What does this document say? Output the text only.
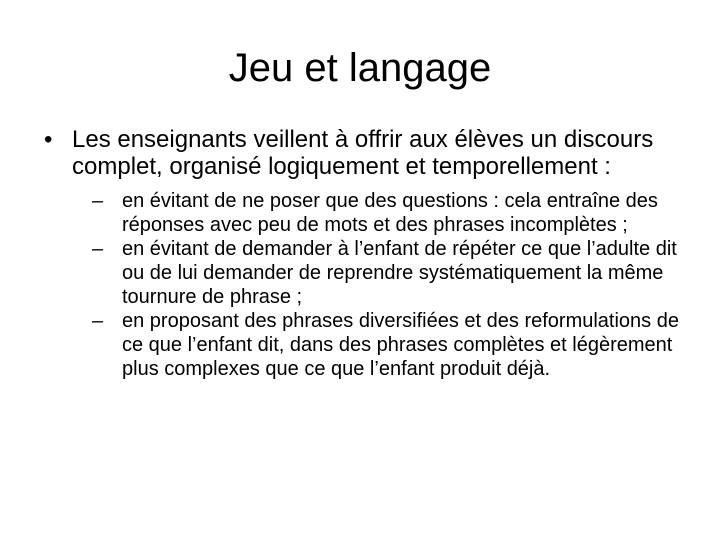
Jeu et langage
• Les enseignants veillent à offrir aux élèves un discours complet, organisé logiquement et temporellement :
– en évitant de ne poser que des questions : cela entraîne des réponses avec peu de mots et des phrases incomplètes ;
– en évitant de demander à l’enfant de répéter ce que l’adulte dit ou de lui demander de reprendre systématiquement la même tournure de phrase ;
– en proposant des phrases diversifiées et des reformulations de ce que l’enfant dit, dans des phrases complètes et légèrement plus complexes que ce que l’enfant produit déjà.
